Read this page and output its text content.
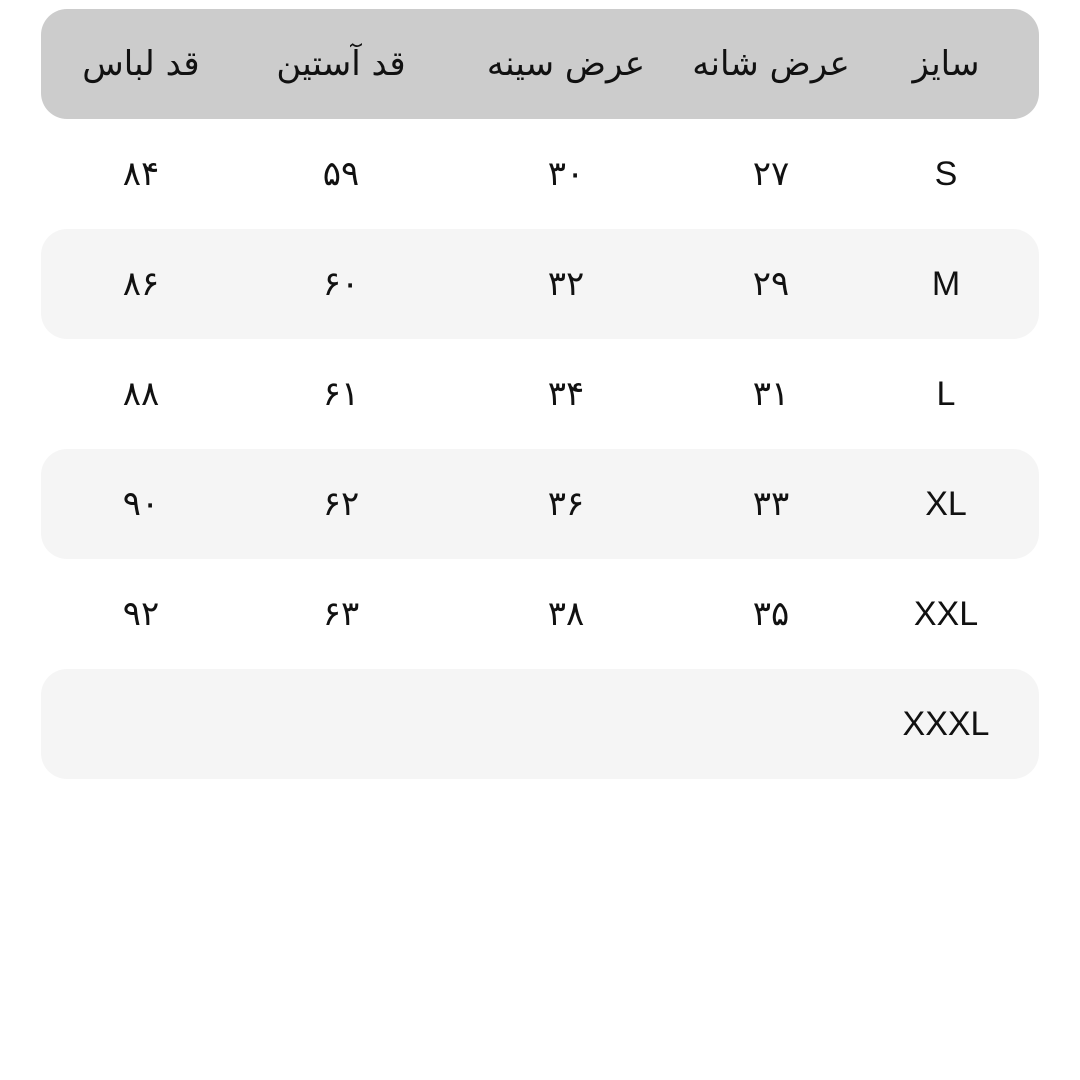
سایز
عرض شانه
عرض سینه
قد آستین
قد لباس
S
۲۷
۳۰
۵۹
۸۴
M
۲۹
۳۲
۶۰
۸۶
L
۳۱
۳۴
۶۱
۸۸
XL
۳۳
۳۶
۶۲
۹۰
XXL
۳۵
۳۸
۶۳
۹۲
XXXL
